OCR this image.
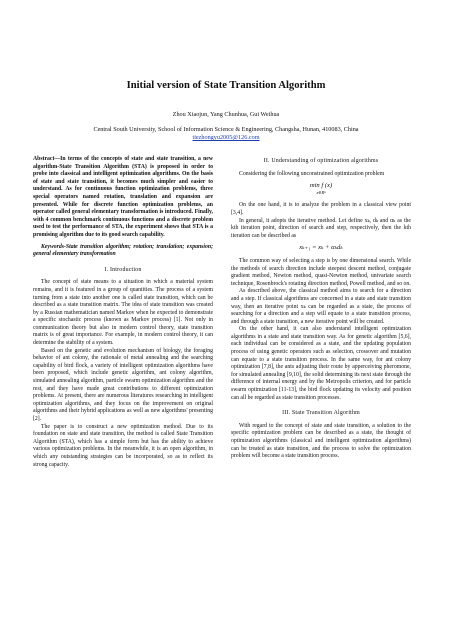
Initial version of State Transition Algorithm
Zhou Xiaojun, Yang Chunhua, Gui Weihua
Central South University, School of Information Science & Engineering, Changsha, Hunan, 410083, China
tiezhongyu2005@126.com

Abstract—In terms of the concepts of state and state transition, a new algorithm-State Transition Algorithm (STA) is proposed in order to probe into classical and intelligent optimization algorithms. On the basis of state and state transition, it becomes much simpler and easier to understand. As for continuous function optimization problems, three special operators named rotation, translation and expansion are presented. While for discrete function optimization problems, an operator called general elementary transformation is introduced. Finally, with 4 common benchmark continuous functions and a discrete problem used to test the performance of STA, the experiment shows that STA is a promising algorithm due to its good search capability.

Keywords-State transition algorithm; rotation; translation; expansion; general elementary transformation

I. Introduction

The concept of state means to a situation in which a material system remains, and it is featured in a group of quantities. The process of a system turning from a state into another one is called state transition, which can be described as a state transition matrix. The idea of state transition was created by a Russian mathematician named Markov when he expected to demonstrate a specific stochastic process (known as Markov process) [1]. Not only in communication theory but also in modern control theory, state transition matrix is of great importance. For example, in modern control theory, it can determine the stability of a system.

Based on the genetic and evolution mechanism of biology, the foraging behavior of ant colony, the rationale of metal annealing and the searching capability of bird flock, a variety of intelligent optimization algorithms have been proposed, which include genetic algorithm, ant colony algorithm, simulated annealing algorithm, particle swarm optimization algorithm and the rest, and they have made great contributions to different optimization problems. At present, there are numerous literatures researching in intelligent optimization algorithms, and they focus on the improvement on original algorithms and their hybrid applications as well as new algorithms' presenting [2].

The paper is to construct a new optimization method. Due to its foundation on state and state transition, the method is called State Transition Algorithm (STA), which has a simple form but has the ability to achieve various optimization problems. In the meanwhile, it is an open algorithm, in which any outstanding strategies can be incorporated, so as to reflect its strong capacity.

II. Understanding of optimization algorithms

Considering the following unconstrained optimization problem

min f (x)
x∈Rⁿ

On the one hand, it is to analyze the problem in a classical view point [3,4].

In general, it adopts the iterative method. Let define xₖ, dₖ and αₖ as the kth iteration point, direction of search and step, respectively, then the kth iteration can be described as

xₖ₊₁ = xₖ + αₖdₖ

The common way of selecting a step is by one dimensional search. While the methods of search direction include steepest descent method, conjugate gradient method, Newton method, quasi-Newton method, univariate search technique, Rosenbrock's rotating direction method, Powell method, and so on.

As described above, the classical method aims to search for a direction and a step. If classical algorithms are concerned in a state and state transition way, then an iterative point xₖ can be regarded as a state, the process of searching for a direction and a step will equate to a state transition process, and through a state transition, a new iterative point will be created.

On the other hand, it can also understand intelligent optimization algorithms in a state and state transition way. As for genetic algorithm [5,6], each individual can be considered as a state, and the updating population process of using genetic operators such as selection, crossover and mutation can equate to a state transition process. In the same way, for ant colony optimization [7,8], the ants adjusting their route by apperceiving pheromone, for simulated annealing [9,10], the solid determining its next state through the difference of internal energy and by the Metropolis criterion, and for particle swarm optimization [11-13], the bird flock updating its velocity and position can all be regarded as state transition processes.

III. State Transition Algorithm

With regard to the concept of state and state transition, a solution to the specific optimization problem can be described as a state, the thought of optimization algorithms (classical and intelligent optimization algorithms) can be treated as state transition, and the process to solve the optimization problem will become a state transition process.
